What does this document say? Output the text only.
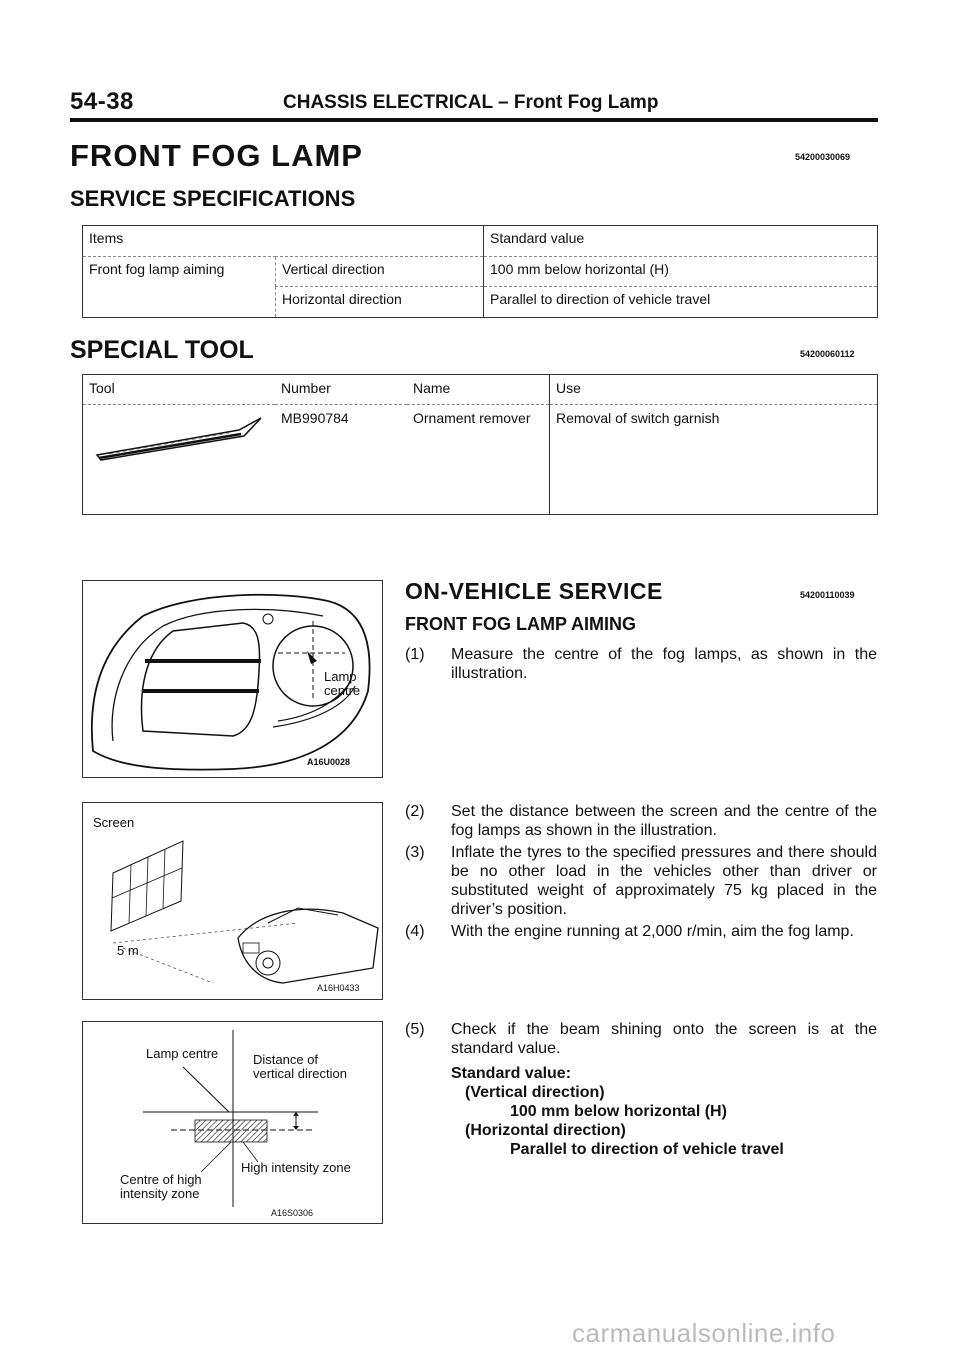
54-38	CHASSIS ELECTRICAL – Front Fog Lamp
FRONT FOG LAMP	54200030069
SERVICE SPECIFICATIONS
Items		Standard value
Front fog lamp aiming	Vertical direction	100 mm below horizontal (H)
	Horizontal direction	Parallel to direction of vehicle travel
SPECIAL TOOL	54200060112
Tool	Number	Name	Use
	MB990784	Ornament remover	Removal of switch garnish
Lamp
centre
A16U0028
Screen
5 m
A16H0433
Lamp centre	Distance of
vertical direction
High intensity zone
Centre of high
intensity zone
A16S0306
ON-VEHICLE SERVICE	54200110039
FRONT FOG LAMP AIMING
(1) Measure the centre of the fog lamps, as shown in the illustration.
(2) Set the distance between the screen and the centre of the fog lamps as shown in the illustration.
(3) Inflate the tyres to the specified pressures and there should be no other load in the vehicles other than driver or substituted weight of approximately 75 kg placed in the driver’s position.
(4) With the engine running at 2,000 r/min, aim the fog lamp.
(5) Check if the beam shining onto the screen is at the standard value.
Standard value:
(Vertical direction)
100 mm below horizontal (H)
(Horizontal direction)
Parallel to direction of vehicle travel
carmanualsonline.info
